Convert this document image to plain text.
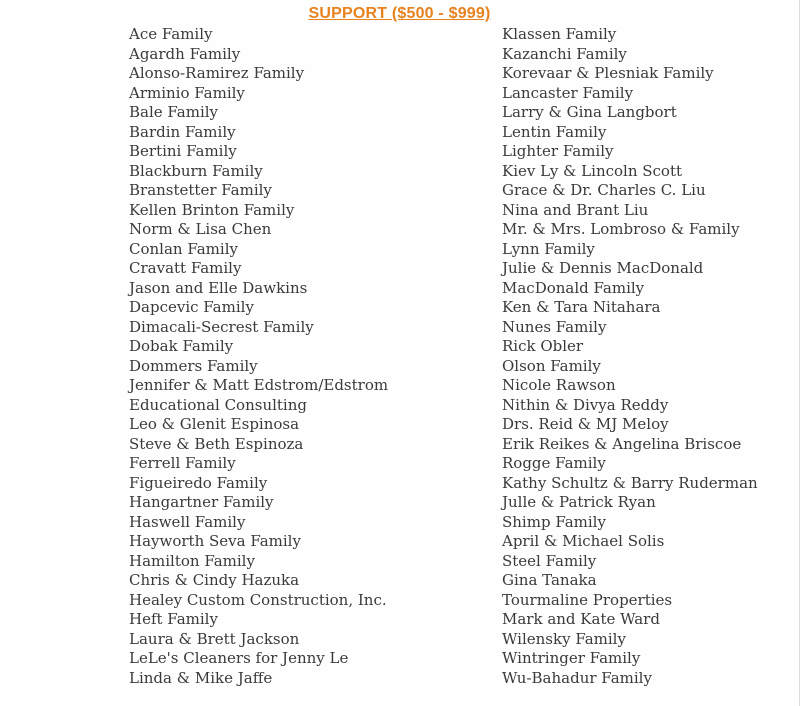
SUPPORT ($500 - $999)
Ace Family
Agardh Family
Alonso-Ramirez Family
Arminio Family
Bale Family
Bardin Family
Bertini Family
Blackburn Family
Branstetter Family
Kellen Brinton Family
Norm & Lisa Chen
Conlan Family
Cravatt Family
Jason and Elle Dawkins
Dapcevic Family
Dimacali-Secrest Family
Dobak Family
Dommers Family
Jennifer & Matt Edstrom/Edstrom
Educational Consulting
Leo & Glenit Espinosa
Steve & Beth Espinoza
Ferrell Family
Figueiredo Family
Hangartner Family
Haswell Family
Hayworth Seva Family
Hamilton Family
Chris & Cindy Hazuka
Healey Custom Construction, Inc.
Heft Family
Laura & Brett Jackson
LeLe's Cleaners for Jenny Le
Linda & Mike Jaffe
Klassen Family
Kazanchi Family
Korevaar & Plesniak Family
Lancaster Family
Larry & Gina Langbort
Lentin Family
Lighter Family
Kiev Ly & Lincoln Scott
Grace & Dr. Charles C. Liu
Nina and Brant Liu
Mr. & Mrs. Lombroso & Family
Lynn Family
Julie & Dennis MacDonald
MacDonald Family
Ken & Tara Nitahara
Nunes Family
Rick Obler
Olson Family
Nicole Rawson
Nithin & Divya Reddy
Drs. Reid & MJ Meloy
Erik Reikes & Angelina Briscoe
Rogge Family
Kathy Schultz & Barry Ruderman
Julle & Patrick Ryan
Shimp Family
April & Michael Solis
Steel Family
Gina Tanaka
Tourmaline Properties
Mark and Kate Ward
Wilensky Family
Wintringer Family
Wu-Bahadur Family
